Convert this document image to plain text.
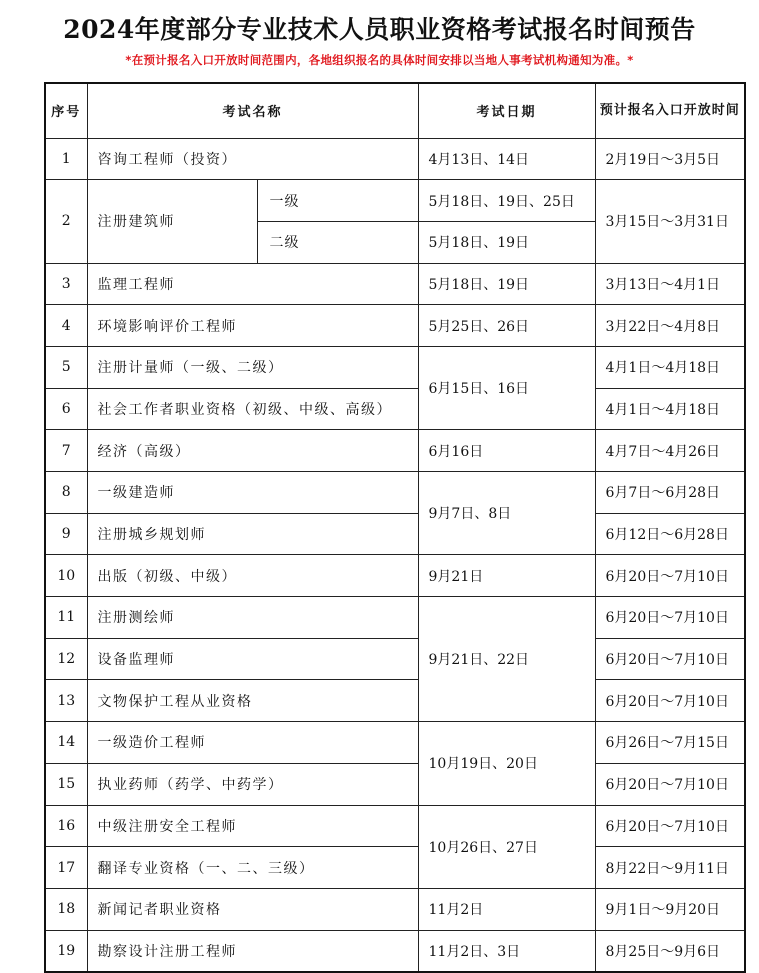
2024年度部分专业技术人员职业资格考试报名时间预告
*在预计报名入口开放时间范围内，各地组织报名的具体时间安排以当地人事考试机构通知为准。*
序号	考试名称		考试日期	预计报名入口开放时间
1	咨询工程师（投资）		4月13日、14日	2月19日～3月5日
2	注册建筑师	一级	5月18日、19日、25日	3月15日～3月31日
		二级	5月18日、19日	
3	监理工程师		5月18日、19日	3月13日～4月1日
4	环境影响评价工程师		5月25日、26日	3月22日～4月8日
5	注册计量师（一级、二级）		6月15日、16日	4月1日～4月18日
6	社会工作者职业资格（初级、中级、高级）			4月1日～4月18日
7	经济（高级）		6月16日	4月7日～4月26日
8	一级建造师		9月7日、8日	6月7日～6月28日
9	注册城乡规划师			6月12日～6月28日
10	出版（初级、中级）		9月21日	6月20日～7月10日
11	注册测绘师		9月21日、22日	6月20日～7月10日
12	设备监理师			6月20日～7月10日
13	文物保护工程从业资格			6月20日～7月10日
14	一级造价工程师		10月19日、20日	6月26日～7月15日
15	执业药师（药学、中药学）			6月20日～7月10日
16	中级注册安全工程师		10月26日、27日	6月20日～7月10日
17	翻译专业资格（一、二、三级）			8月22日～9月11日
18	新闻记者职业资格		11月2日	9月1日～9月20日
19	勘察设计注册工程师		11月2日、3日	8月25日～9月6日
